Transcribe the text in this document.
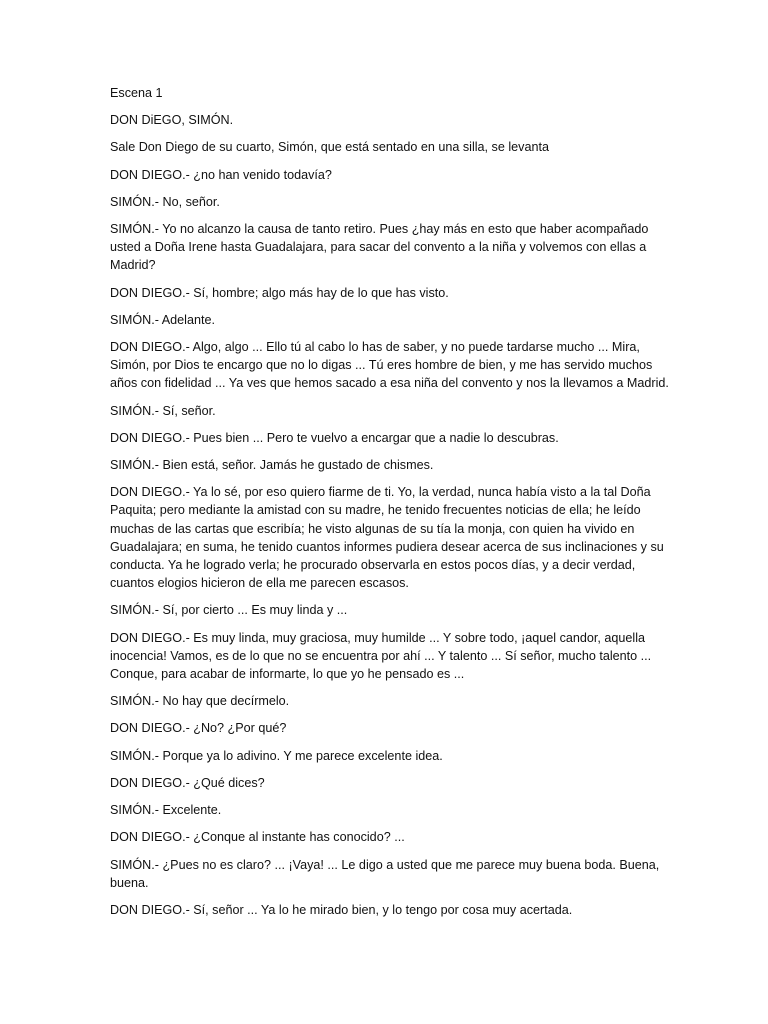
Escena 1

DON DiEGO, SIMÓN.

Sale Don Diego de su cuarto, Simón, que está sentado en una silla, se levanta

DON DIEGO.- ¿no han venido todavía?

SIMÓN.- No, señor.

SIMÓN.- Yo no alcanzo la causa de tanto retiro. Pues ¿hay más en esto que haber acompañado usted a Doña Irene hasta Guadalajara, para sacar del convento a la niña y volvemos con ellas a Madrid?

DON DIEGO.- Sí, hombre; algo más hay de lo que has visto.

SIMÓN.- Adelante.

DON DIEGO.- Algo, algo ... Ello tú al cabo lo has de saber, y no puede tardarse mucho ... Mira, Simón, por Dios te encargo que no lo digas ... Tú eres hombre de bien, y me has servido muchos años con fidelidad ... Ya ves que hemos sacado a esa niña del convento y nos la llevamos a Madrid.

SIMÓN.- Sí, señor.

DON DIEGO.- Pues bien ... Pero te vuelvo a encargar que a nadie lo descubras.

SIMÓN.- Bien está, señor. Jamás he gustado de chismes.

DON DIEGO.- Ya lo sé, por eso quiero fiarme de ti. Yo, la verdad, nunca había visto a la tal Doña Paquita; pero mediante la amistad con su madre, he tenido frecuentes noticias de ella; he leído muchas de las cartas que escribía; he visto algunas de su tía la monja, con quien ha vivido en Guadalajara; en suma, he tenido cuantos informes pudiera desear acerca de sus inclinaciones y su conducta. Ya he logrado verla; he procurado observarla en estos pocos días, y a decir verdad, cuantos elogios hicieron de ella me parecen escasos.

SIMÓN.- Sí, por cierto ... Es muy linda y ...

DON DIEGO.- Es muy linda, muy graciosa, muy humilde ... Y sobre todo, ¡aquel candor, aquella inocencia! Vamos, es de lo que no se encuentra por ahí ... Y talento ... Sí señor, mucho talento ... Conque, para acabar de informarte, lo que yo he pensado es ...

SIMÓN.- No hay que decírmelo.

DON DIEGO.- ¿No? ¿Por qué?

SIMÓN.- Porque ya lo adivino. Y me parece excelente idea.

DON DIEGO.- ¿Qué dices?

SIMÓN.- Excelente.

DON DIEGO.- ¿Conque al instante has conocido? ...

SIMÓN.- ¿Pues no es claro? ... ¡Vaya! ... Le digo a usted que me parece muy buena boda. Buena, buena.

DON DIEGO.- Sí, señor ... Ya lo he mirado bien, y lo tengo por cosa muy acertada.
